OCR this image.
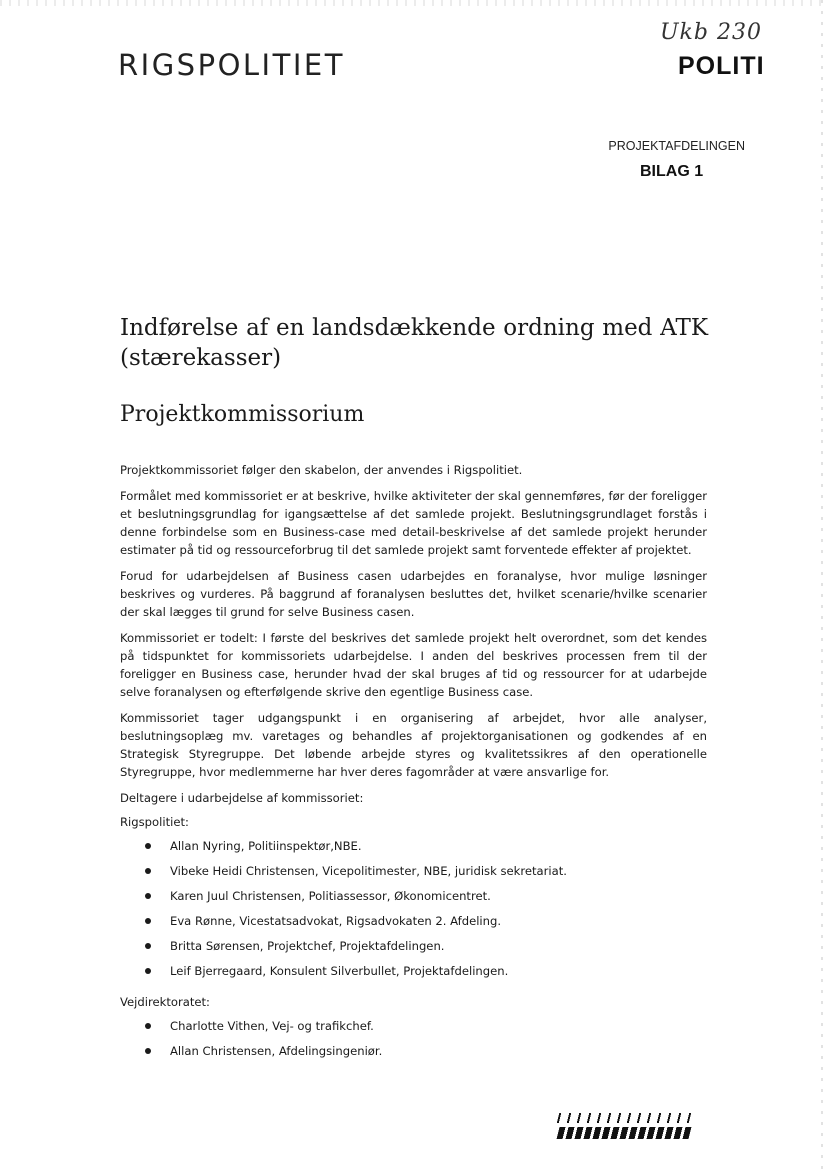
RIGSPOLITIET
Ukb 230
POLITI
PROJEKTAFDELINGEN
BILAG 1
Indførelse af en landsdækkende ordning med ATK (stærekasser)
Projektkommissorium

Projektkommissoriet følger den skabelon, der anvendes i Rigspolitiet.

Formålet med kommissoriet er at beskrive, hvilke aktiviteter der skal gennemføres, før der foreligger et beslutningsgrundlag for igangsættelse af det samlede projekt. Beslutningsgrundlaget forstås i denne forbindelse som en Business-case med detail-beskrivelse af det samlede projekt herunder estimater på tid og ressourceforbrug til det samlede projekt samt forventede effekter af projektet.

Forud for udarbejdelsen af Business casen udarbejdes en foranalyse, hvor mulige løsninger beskrives og vurderes. På baggrund af foranalysen besluttes det, hvilket scenarie/hvilke scenarier der skal lægges til grund for selve Business casen.

Kommissoriet er todelt: I første del beskrives det samlede projekt helt overordnet, som det kendes på tidspunktet for kommissoriets udarbejdelse. I anden del beskrives processen frem til der foreligger en Business case, herunder hvad der skal bruges af tid og ressourcer for at udarbejde selve foranalysen og efterfølgende skrive den egentlige Business case.

Kommissoriet tager udgangspunkt i en organisering af arbejdet, hvor alle analyser, beslutningsoplæg mv. varetages og behandles af projektorganisationen og godkendes af en Strategisk Styregruppe. Det løbende arbejde styres og kvalitetssikres af den operationelle Styregruppe, hvor medlemmerne har hver deres fagområder at være ansvarlige for.

Deltagere i udarbejdelse af kommissoriet:

Rigspolitiet:

Allan Nyring, Politiinspektør,NBE.
Vibeke Heidi Christensen, Vicepolitimester, NBE, juridisk sekretariat.
Karen Juul Christensen, Politiassessor, Økonomicentret.
Eva Rønne, Vicestatsadvokat, Rigsadvokaten 2. Afdeling.
Britta Sørensen, Projektchef, Projektafdelingen.
Leif Bjerregaard, Konsulent Silverbullet, Projektafdelingen.

Vejdirektoratet:

Charlotte Vithen, Vej- og trafikchef.
Allan Christensen, Afdelingsingeniør.
